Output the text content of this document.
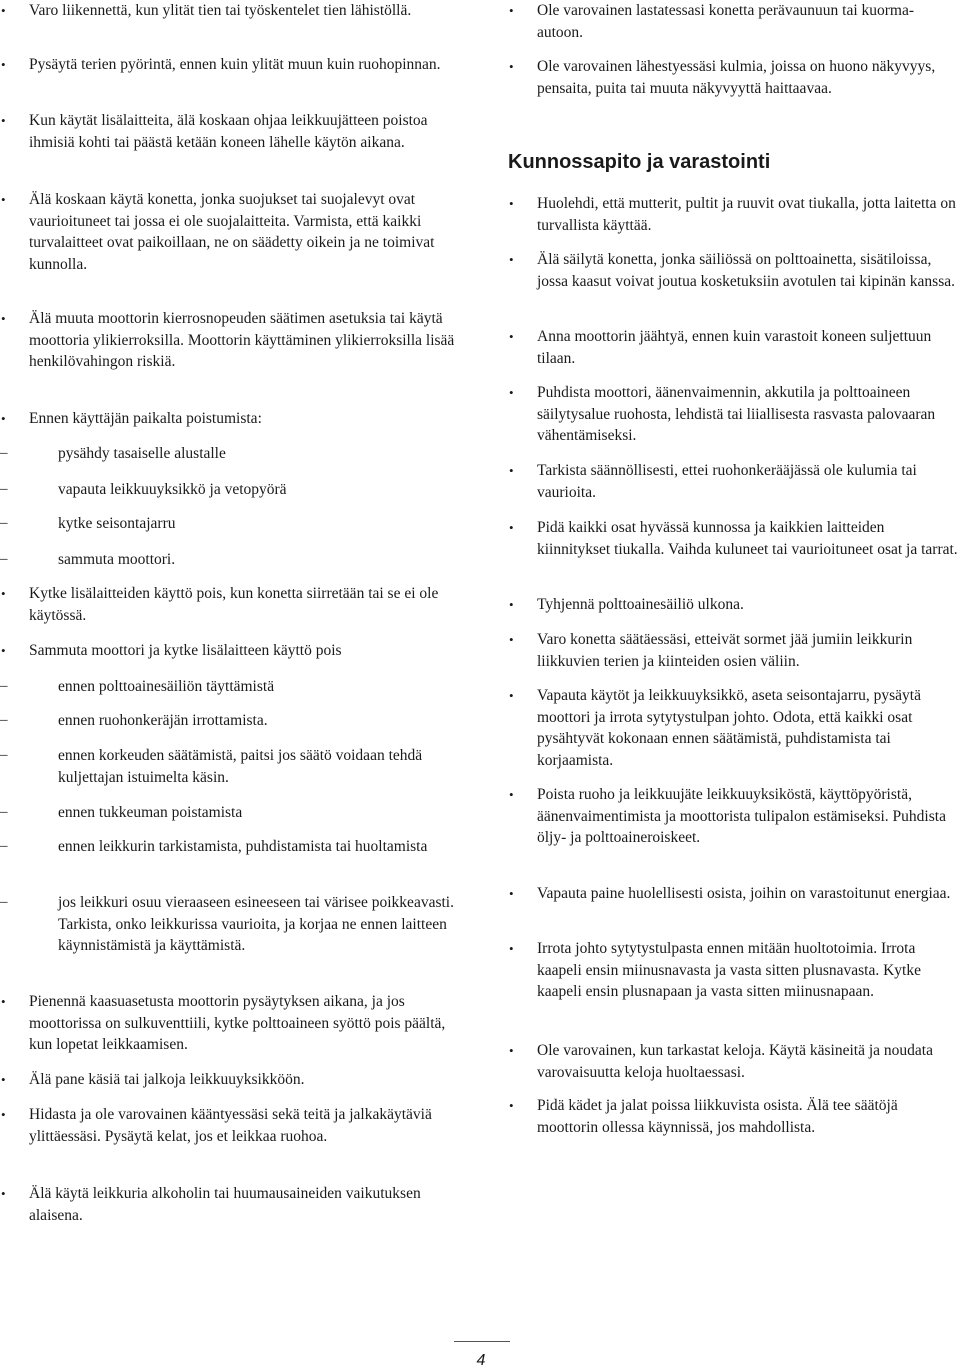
•	Varo liikennettä, kun ylität tien tai työskentelet tien lähistöllä.
•	Pysäytä terien pyörintä, ennen kuin ylität muun kuin ruohopinnan.
•	Kun käytät lisälaitteita, älä koskaan ohjaa leikkuujätteen poistoa ihmisiä kohti tai päästä ketään koneen lähelle käytön aikana.
•	Älä koskaan käytä konetta, jonka suojukset tai suojalevyt ovat vaurioituneet tai jossa ei ole suojalaitteita. Varmista, että kaikki turvalaitteet ovat paikoillaan, ne on säädetty oikein ja ne toimivat kunnolla.
•	Älä muuta moottorin kierrosnopeuden säätimen asetuksia tai käytä moottoria ylikierroksilla. Moottorin käyttäminen ylikierroksilla lisää henkilövahingon riskiä.
•	Ennen käyttäjän paikalta poistumista:
–	pysähdy tasaiselle alustalle
–	vapauta leikkuuyksikkö ja vetopyörä
–	kytke seisontajarru
–	sammuta moottori.
•	Kytke lisälaitteiden käyttö pois, kun konetta siirretään tai se ei ole käytössä.
•	Sammuta moottori ja kytke lisälaitteen käyttö pois
–	ennen polttoainesäiliön täyttämistä
–	ennen ruohonkeräjän irrottamista.
–	ennen korkeuden säätämistä, paitsi jos säätö voidaan tehdä kuljettajan istuimelta käsin.
–	ennen tukkeuman poistamista
–	ennen leikkurin tarkistamista, puhdistamista tai huoltamista
–	jos leikkuri osuu vieraaseen esineeseen tai värisee poikkeavasti. Tarkista, onko leikkurissa vaurioita, ja korjaa ne ennen laitteen käynnistämistä ja käyttämistä.
•	Pienennä kaasuasetusta moottorin pysäytyksen aikana, ja jos moottorissa on sulkuventtiili, kytke polttoaineen syöttö pois päältä, kun lopetat leikkaamisen.
•	Älä pane käsiä tai jalkoja leikkuuyksikköön.
•	Hidasta ja ole varovainen kääntyessäsi sekä teitä ja jalkakäytäviä ylittäessäsi. Pysäytä kelat, jos et leikkaa ruohoa.
•	Älä käytä leikkuria alkoholin tai huumausaineiden vaikutuksen alaisena.
•	Ole varovainen lastatessasi konetta perävaunuun tai kuorma-autoon.
•	Ole varovainen lähestyessäsi kulmia, joissa on huono näkyvyys, pensaita, puita tai muuta näkyvyyttä haittaavaa.
Kunnossapito ja varastointi
•	Huolehdi, että mutterit, pultit ja ruuvit ovat tiukalla, jotta laitetta on turvallista käyttää.
•	Älä säilytä konetta, jonka säiliössä on polttoainetta, sisätiloissa, jossa kaasut voivat joutua kosketuksiin avotulen tai kipinän kanssa.
•	Anna moottorin jäähtyä, ennen kuin varastoit koneen suljettuun tilaan.
•	Puhdista moottori, äänenvaimennin, akkutila ja polttoaineen säilytysalue ruohosta, lehdistä tai liiallisesta rasvasta palovaaran vähentämiseksi.
•	Tarkista säännöllisesti, ettei ruohonkerääjässä ole kulumia tai vaurioita.
•	Pidä kaikki osat hyvässä kunnossa ja kaikkien laitteiden kiinnitykset tiukalla. Vaihda kuluneet tai vaurioituneet osat ja tarrat.
•	Tyhjennä polttoainesäiliö ulkona.
•	Varo konetta säätäessäsi, etteivät sormet jää jumiin leikkurin liikkuvien terien ja kiinteiden osien väliin.
•	Vapauta käytöt ja leikkuuyksikkö, aseta seisontajarru, pysäytä moottori ja irrota sytytystulpan johto. Odota, että kaikki osat pysähtyvät kokonaan ennen säätämistä, puhdistamista tai korjaamista.
•	Poista ruoho ja leikkuujäte leikkuuyksiköstä, käyttöpyöristä, äänenvaimentimista ja moottorista tulipalon estämiseksi. Puhdista öljy- ja polttoaineroiskeet.
•	Vapauta paine huolellisesti osista, joihin on varastoitunut energiaa.
•	Irrota johto sytytystulpasta ennen mitään huoltotoimia. Irrota kaapeli ensin miinusnavasta ja vasta sitten plusnavasta. Kytke kaapeli ensin plusnapaan ja vasta sitten miinusnapaan.
•	Ole varovainen, kun tarkastat keloja. Käytä käsineitä ja noudata varovaisuutta keloja huoltaessasi.
•	Pidä kädet ja jalat poissa liikkuvista osista. Älä tee säätöjä moottorin ollessa käynnissä, jos mahdollista.
4
